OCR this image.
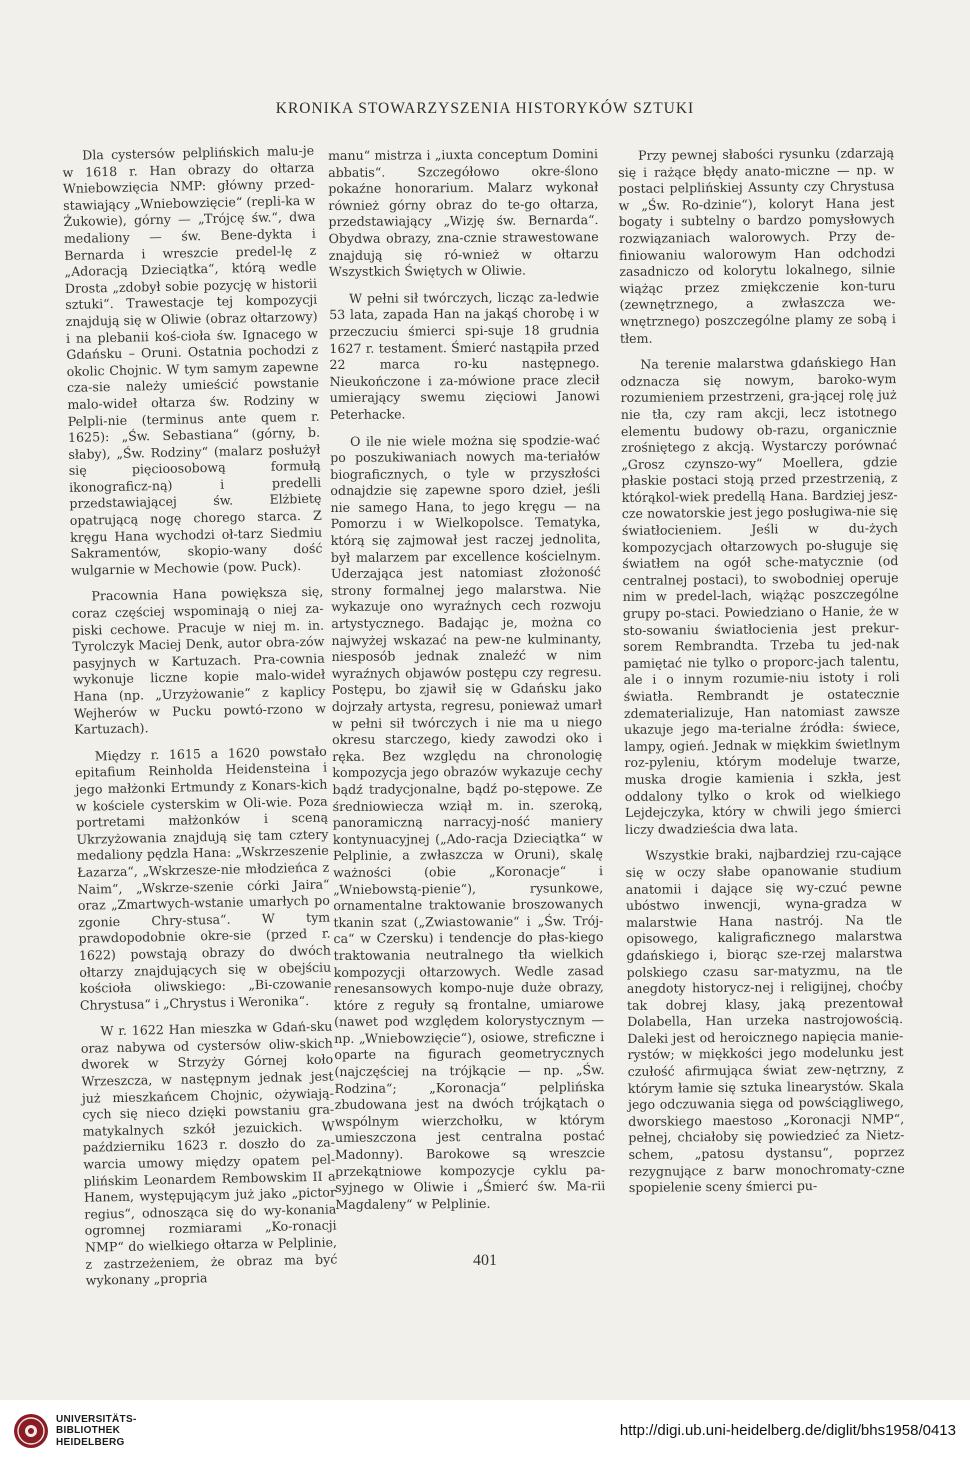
KRONIKA STOWARZYSZENIA HISTORYKÓW SZTUKI

Dla cystersów pelplińskich malu-je w 1618 r. Han obrazy do ołtarza Wniebowzięcia NMP: główny przed-stawiający „Wniebowzięcie“ (repli-ka w Żukowie), górny — „Trójcę św.“, dwa medaliony — św. Bene-dykta i Bernarda i wreszcie predel-lę z „Adoracją Dzieciątka“, którą wedle Drosta „zdobył sobie pozycję w historii sztuki“. Trawestacje tej kompozycji znajdują się w Oliwie (obraz ołtarzowy) i na plebanii koś-cioła św. Ignacego w Gdańsku – Oruni. Ostatnia pochodzi z okolic Chojnic. W tym samym zapewne cza-sie należy umieścić powstanie malo-wideł ołtarza św. Rodziny w Pelpli-nie (terminus ante quem r. 1625): „Św. Sebastiana“ (górny, b. słaby), „Św. Rodziny“ (malarz posłużył się pięcioosobową formułą ikonograficz-ną) i predelli przedstawiającej św. Elżbietę opatrującą nogę chorego starca. Z kręgu Hana wychodzi oł-tarz Siedmiu Sakramentów, skopio-wany dość wulgarnie w Mechowie (pow. Puck).

Pracownia Hana powiększa się, coraz częściej wspominają o niej za-piski cechowe. Pracuje w niej m. in. Tyrolczyk Maciej Denk, autor obra-zów pasyjnych w Kartuzach. Pra-cownia wykonuje liczne kopie malo-wideł Hana (np. „Urzyżowanie“ z kaplicy Wejherów w Pucku powtó-rzono w Kartuzach).

Między r. 1615 a 1620 powstało epitafium Reinholda Heidensteina i jego małżonki Ertmundy z Konars-kich w kościele cysterskim w Oli-wie. Poza portretami małżonków i sceną Ukrzyżowania znajdują się tam cztery medaliony pędzla Hana: „Wskrzeszenie Łazarza“, „Wskrzesze-nie młodzieńca z Naim“, „Wskrze-szenie córki Jaira“ oraz „Zmartwych-wstanie umarłych po zgonie Chry-stusa“. W tym prawdopodobnie okre-sie (przed r. 1622) powstają obrazy do dwóch ołtarzy znajdujących się w obejściu kościoła oliwskiego: „Bi-czowanie Chrystusa“ i „Chrystus i Weronika“.

W r. 1622 Han mieszka w Gdań-sku oraz nabywa od cystersów oliw-skich dworek w Strzyży Górnej koło Wrzeszcza, w następnym jednak jest już mieszkańcem Chojnic, ożywiają-cych się nieco dzięki powstaniu gra-matykalnych szkół jezuickich. W październiku 1623 r. doszło do za-warcia umowy między opatem pel-plińskim Leonardem Rembowskim II a Hanem, występującym już jako „pictor regius“, odnosząca się do wy-konania ogromnej rozmiarami „Ko-ronacji NMP“ do wielkiego ołtarza w Pelplinie, z zastrzeżeniem, że obraz ma być wykonany „propria

manu“ mistrza i „iuxta conceptum Domini abbatis“. Szczegółowo okre-ślono pokaźne honorarium. Malarz wykonał również górny obraz do te-go ołtarza, przedstawiający „Wizję św. Bernarda“. Obydwa obrazy, zna-cznie strawestowane znajdują się ró-wnież w ołtarzu Wszystkich Świętych w Oliwie.

W pełni sił twórczych, licząc za-ledwie 53 lata, zapada Han na jakąś chorobę i w przeczuciu śmierci spi-suje 18 grudnia 1627 r. testament. Śmierć nastąpiła przed 22 marca ro-ku następnego. Nieukończone i za-mówione prace zlecił umierający swemu zięciowi Janowi Peterhacke.

O ile nie wiele można się spodzie-wać po poszukiwaniach nowych ma-teriałów biograficznych, o tyle w przyszłości odnajdzie się zapewne sporo dzieł, jeśli nie samego Hana, to jego kręgu — na Pomorzu i w Wielkopolsce. Tematyka, którą się zajmował jest raczej jednolita, był malarzem par excellence kościelnym. Uderzająca jest natomiast złożoność strony formalnej jego malarstwa. Nie wykazuje ono wyraźnych cech rozwoju artystycznego. Badając je, można co najwyżej wskazać na pew-ne kulminanty, niesposób jednak znaleźć w nim wyraźnych objawów postępu czy regresu. Postępu, bo zjawił się w Gdańsku jako dojrzały artysta, regresu, ponieważ umarł w pełni sił twórczych i nie ma u niego okresu starczego, kiedy zawodzi oko i ręka. Bez względu na chronologię kompozycja jego obrazów wykazuje cechy bądź tradycjonalne, bądź po-stępowe. Ze średniowiecza wziął m. in. szeroką, panoramiczną narracyj-ność maniery kontynuacyjnej („Ado-racja Dzieciątka“ w Pelplinie, a zwłaszcza w Oruni), skalę ważności (obie „Koronacje“ i „Wniebowstą-pienie“), rysunkowe, ornamentalne traktowanie broszowanych tkanin szat („Zwiastowanie“ i „Św. Trój-ca“ w Czersku) i tendencje do płas-kiego traktowania neutralnego tła wielkich kompozycji ołtarzowych. Wedle zasad renesansowych kompo-nuje duże obrazy, które z reguły są frontalne, umiarowe (nawet pod względem kolorystycznym — np. „Wniebowzięcie“), osiowe, streficzne i oparte na figurach geometrycznych (najczęściej na trójkącie — np. „Św. Rodzina“; „Koronacja“ pelplińska zbudowana jest na dwóch trójkątach o wspólnym wierzchołku, w którym umieszczona jest centralna postać Madonny). Barokowe są wreszcie przekątniowe kompozycje cyklu pa-syjnego w Oliwie i „Śmierć św. Ma-rii Magdaleny“ w Pelplinie.

Przy pewnej słabości rysunku (zdarzają się i rażące błędy anato-miczne — np. w postaci pelplińskiej Assunty czy Chrystusa w „Św. Ro-dzinie“), koloryt Hana jest bogaty i subtelny o bardzo pomysłowych rozwiązaniach walorowych. Przy de-finiowaniu walorowym Han odchodzi zasadniczo od kolorytu lokalnego, silnie wiążąc przez zmiękczenie kon-turu (zewnętrznego, a zwłaszcza we-wnętrznego) poszczególne plamy ze sobą i tłem.

Na terenie malarstwa gdańskiego Han odznacza się nowym, baroko-wym rozumieniem przestrzeni, gra-jącej rolę już nie tła, czy ram akcji, lecz istotnego elementu budowy ob-razu, organicznie zrośniętego z akcją. Wystarczy porównać „Grosz czynszo-wy“ Moellera, gdzie płaskie postaci stoją przed przestrzenią, z którąkol-wiek predellą Hana. Bardziej jesz-cze nowatorskie jest jego posługiwa-nie się światłocieniem. Jeśli w du-żych kompozycjach ołtarzowych po-sługuje się światłem na ogół sche-matycznie (od centralnej postaci), to swobodniej operuje nim w predel-lach, wiążąc poszczególne grupy po-staci. Powiedziano o Hanie, że w sto-sowaniu światłocienia jest prekur-sorem Rembrandta. Trzeba tu jed-nak pamiętać nie tylko o proporc-jach talentu, ale i o innym rozumie-niu istoty i roli światła. Rembrandt je ostatecznie zdematerializuje, Han natomiast zawsze ukazuje jego ma-terialne źródła: świece, lampy, ogień. Jednak w miękkim świetlnym roz-pyleniu, którym modeluje twarze, muska drogie kamienia i szkła, jest oddalony tylko o krok od wielkiego Lejdejczyka, który w chwili jego śmierci liczy dwadzieścia dwa lata.

Wszystkie braki, najbardziej rzu-cające się w oczy słabe opanowanie studium anatomii i dające się wy-czuć pewne ubóstwo inwencji, wyna-gradza w malarstwie Hana nastrój. Na tle opisowego, kaligraficznego malarstwa gdańskiego i, biorąc sze-rzej malarstwa polskiego czasu sar-matyzmu, na tle anegdoty historycz-nej i religijnej, choćby tak dobrej klasy, jaką prezentował Dolabella, Han urzeka nastrojowością. Daleki jest od heroicznego napięcia manie-rystów; w miękkości jego modelunku jest czułość afirmująca świat zew-nętrzny, z którym łamie się sztuka linearystów. Skala jego odczuwania sięga od powściągliwego, dworskiego maestoso „Koronacji NMP“, pełnej, chciałoby się powiedzieć za Nietz-schem, „patosu dystansu“, poprzez rezygnujące z barw monochromaty-czne spopielenie sceny śmierci pu-

401
UNIVERSITÄTS-
BIBLIOTHEK
HEIDELBERG
http://digi.ub.uni-heidelberg.de/diglit/bhs1958/0413
